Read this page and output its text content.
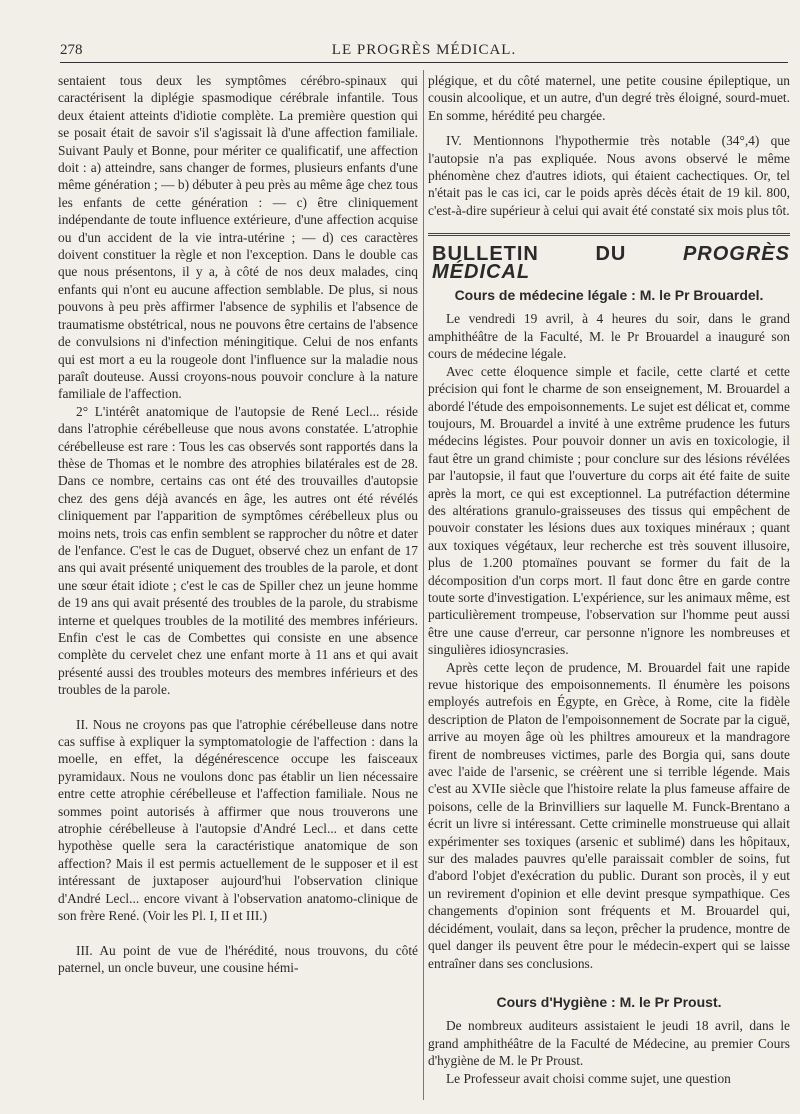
278	LE PROGRÈS MÉDICAL.

sentaient tous deux les symptômes cérébro-spinaux qui caractérisent la diplégie spasmodique cérébrale infantile. Tous deux étaient atteints d'idiotie complète. La première question qui se posait était de savoir s'il s'agissait là d'une affection familiale. Suivant Pauly et Bonne, pour mériter ce qualificatif, une affection doit : a) atteindre, sans changer de formes, plusieurs enfants d'une même génération ; — b) débuter à peu près au même âge chez tous les enfants de cette génération : — c) être cliniquement indépendante de toute influence extérieure, d'une affection acquise ou d'un accident de la vie intra-utérine ; — d) ces caractères doivent constituer la règle et non l'exception. Dans le double cas que nous présentons, il y a, à côté de nos deux malades, cinq enfants qui n'ont eu aucune affection semblable. De plus, si nous pouvons à peu près affirmer l'absence de syphilis et l'absence de traumatisme obstétrical, nous ne pouvons être certains de l'absence de convulsions ni d'infection méningitique. Celui de nos enfants qui est mort a eu la rougeole dont l'influence sur la maladie nous paraît douteuse. Aussi croyons-nous pouvoir conclure à la nature familiale de l'affection.

2° L'intérêt anatomique de l'autopsie de René Lecl... réside dans l'atrophie cérébelleuse que nous avons constatée. L'atrophie cérébelleuse est rare : Tous les cas observés sont rapportés dans la thèse de Thomas et le nombre des atrophies bilatérales est de 28. Dans ce nombre, certains cas ont été des trouvailles d'autopsie chez des gens déjà avancés en âge, les autres ont été révélés cliniquement par l'apparition de symptômes cérébelleux plus ou moins nets, trois cas enfin semblent se rapprocher du nôtre et dater de l'enfance. C'est le cas de Duguet, observé chez un enfant de 17 ans qui avait présenté uniquement des troubles de la parole, et dont une sœur était idiote ; c'est le cas de Spiller chez un jeune homme de 19 ans qui avait présenté des troubles de la parole, du strabisme interne et quelques troubles de la motilité des membres inférieurs. Enfin c'est le cas de Combettes qui consiste en une absence complète du cervelet chez une enfant morte à 11 ans et qui avait présenté aussi des troubles moteurs des membres inférieurs et des troubles de la parole.

II. Nous ne croyons pas que l'atrophie cérébelleuse dans notre cas suffise à expliquer la symptomatologie de l'affection : dans la moelle, en effet, la dégénérescence occupe les faisceaux pyramidaux. Nous ne voulons donc pas établir un lien nécessaire entre cette atrophie cérébelleuse et l'affection familiale. Nous ne sommes point autorisés à affirmer que nous trouverons une atrophie cérébelleuse à l'autopsie d'André Lecl... et dans cette hypothèse quelle sera la caractéristique anatomique de son affection? Mais il est permis actuellement de le supposer et il est intéressant de juxtaposer aujourd'hui l'observation clinique d'André Lecl... encore vivant à l'observation anatomo-clinique de son frère René. (Voir les Pl. I, II et III.)

III. Au point de vue de l'hérédité, nous trouvons, du côté paternel, un oncle buveur, une cousine hémi-

plégique, et du côté maternel, une petite cousine épileptique, un cousin alcoolique, et un autre, d'un degré très éloigné, sourd-muet. En somme, hérédité peu chargée.

IV. Mentionnons l'hypothermie très notable (34°,4) que l'autopsie n'a pas expliquée. Nous avons observé le même phénomène chez d'autres idiots, qui étaient cachectiques. Or, tel n'était pas le cas ici, car le poids après décès était de 19 kil. 800, c'est-à-dire supérieur à celui qui avait été constaté six mois plus tôt.

BULLETIN DU	PROGRÈS MÉDICAL
Cours de médecine légale : M. le Pr Brouardel.

Le vendredi 19 avril, à 4 heures du soir, dans le grand amphithéâtre de la Faculté, M. le Pr Brouardel a inauguré son cours de médecine légale.

Avec cette éloquence simple et facile, cette clarté et cette précision qui font le charme de son enseignement, M. Brouardel a abordé l'étude des empoisonnements. Le sujet est délicat et, comme toujours, M. Brouardel a invité à une extrême prudence les futurs médecins légistes. Pour pouvoir donner un avis en toxicologie, il faut être un grand chimiste ; pour conclure sur des lésions révélées par l'autopsie, il faut que l'ouverture du corps ait été faite de suite après la mort, ce qui est exceptionnel. La putréfaction détermine des altérations granulo-graisseuses des tissus qui empêchent de pouvoir constater les lésions dues aux toxiques minéraux ; quant aux toxiques végétaux, leur recherche est très souvent illusoire, plus de 1.200 ptomaïnes pouvant se former du fait de la décomposition d'un corps mort. Il faut donc être en garde contre toute sorte d'investigation. L'expérience, sur les animaux même, est particulièrement trompeuse, l'observation sur l'homme peut aussi être une cause d'erreur, car personne n'ignore les nombreuses et singulières idiosyncrasies.

Après cette leçon de prudence, M. Brouardel fait une rapide revue historique des empoisonnements. Il énumère les poisons employés autrefois en Égypte, en Grèce, à Rome, cite la fidèle description de Platon de l'empoisonnement de Socrate par la ciguë, arrive au moyen âge où les philtres amoureux et la mandragore firent de nombreuses victimes, parle des Borgia qui, sans doute avec l'aide de l'arsenic, se créèrent une si terrible légende. Mais c'est au XVIIe siècle que l'histoire relate la plus fameuse affaire de poisons, celle de la Brinvilliers sur laquelle M. Funck-Brentano a écrit un livre si intéressant. Cette criminelle monstrueuse qui allait expérimenter ses toxiques (arsenic et sublimé) dans les hôpitaux, sur des malades pauvres qu'elle paraissait combler de soins, fut d'abord l'objet d'exécration du public. Durant son procès, il y eut un revirement d'opinion et elle devint presque sympathique. Ces changements d'opinion sont fréquents et M. Brouardel qui, décidément, voulait, dans sa leçon, prêcher la prudence, montre de quel danger ils peuvent être pour le médecin-expert qui se laisse entraîner dans ses conclusions.

Cours d'Hygiène : M. le Pr Proust.

De nombreux auditeurs assistaient le jeudi 18 avril, dans le grand amphithéâtre de la Faculté de Médecine, au premier Cours d'hygiène de M. le Pr Proust.

Le Professeur avait choisi comme sujet, une question
